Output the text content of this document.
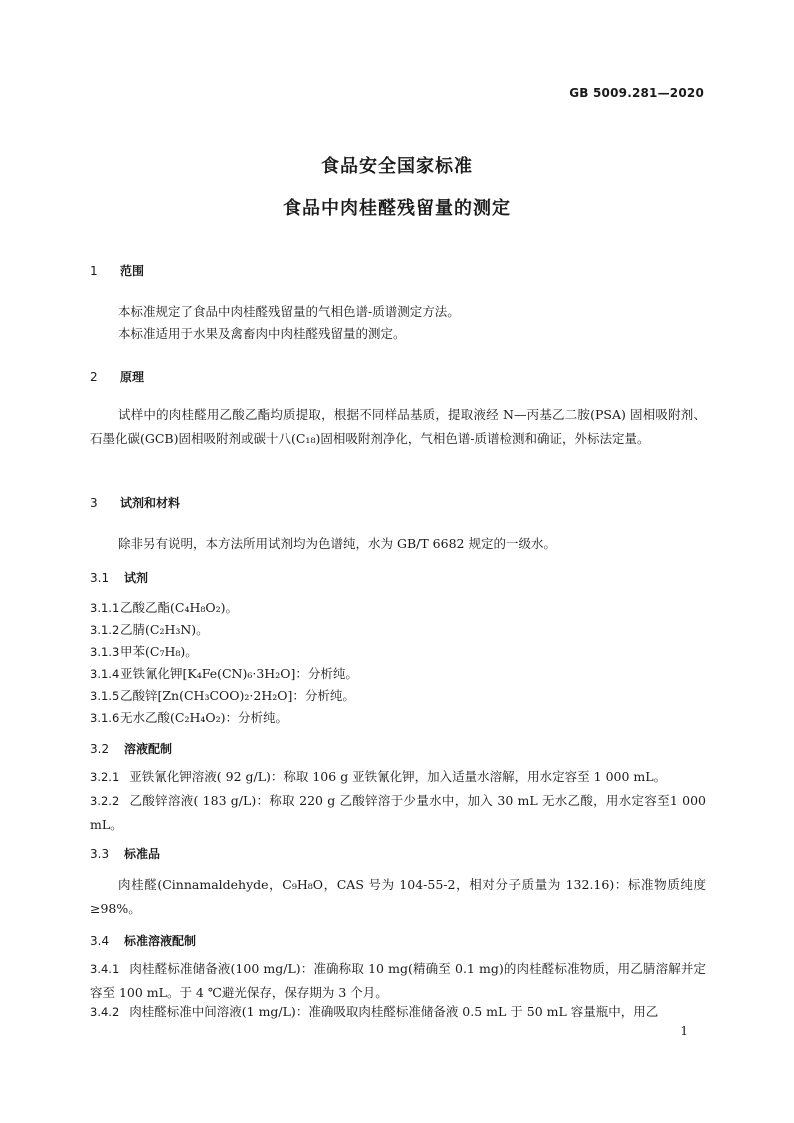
GB 5009.281—2020
食品安全国家标准
食品中肉桂醛残留量的测定
1 范围
本标准规定了食品中肉桂醛残留量的气相色谱-质谱测定方法。
本标准适用于水果及禽畜肉中肉桂醛残留量的测定。
2 原理
试样中的肉桂醛用乙酸乙酯均质提取，根据不同样品基质，提取液经 N—丙基乙二胺(PSA) 固相吸附剂、石墨化碳(GCB)固相吸附剂或碳十八(C₁₈)固相吸附剂净化，气相色谱-质谱检测和确证，外标法定量。
3 试剂和材料
除非另有说明，本方法所用试剂均为色谱纯，水为 GB/T 6682 规定的一级水。
3.1 试剂
3.1.1乙酸乙酯(C₄H₈O₂)。
3.1.2乙腈(C₂H₃N)。
3.1.3甲苯(C₇H₈)。
3.1.4亚铁氰化钾[K₄Fe(CN)₆·3H₂O]：分析纯。
3.1.5乙酸锌[Zn(CH₃COO)₂·2H₂O]：分析纯。
3.1.6无水乙酸(C₂H₄O₂)：分析纯。
3.2 溶液配制
3.2.1 亚铁氰化钾溶液( 92 g/L)：称取 106 g 亚铁氰化钾，加入适量水溶解，用水定容至 1 000 mL。
3.2.2 乙酸锌溶液( 183 g/L)：称取 220 g 乙酸锌溶于少量水中，加入 30 mL 无水乙酸，用水定容至1 000 mL。
3.3 标准品
肉桂醛(Cinnamaldehyde，C₉H₈O，CAS 号为 104-55-2，相对分子质量为 132.16)：标准物质纯度≥98%。
3.4 标准溶液配制
3.4.1 肉桂醛标准储备液(100 mg/L)：准确称取 10 mg(精确至 0.1 mg)的肉桂醛标准物质，用乙腈溶解并定容至 100 mL。于 4 ℃避光保存，保存期为 3 个月。
3.4.2 肉桂醛标准中间溶液(1 mg/L)：准确吸取肉桂醛标准储备液 0.5 mL 于 50 mL 容量瓶中，用乙
1
